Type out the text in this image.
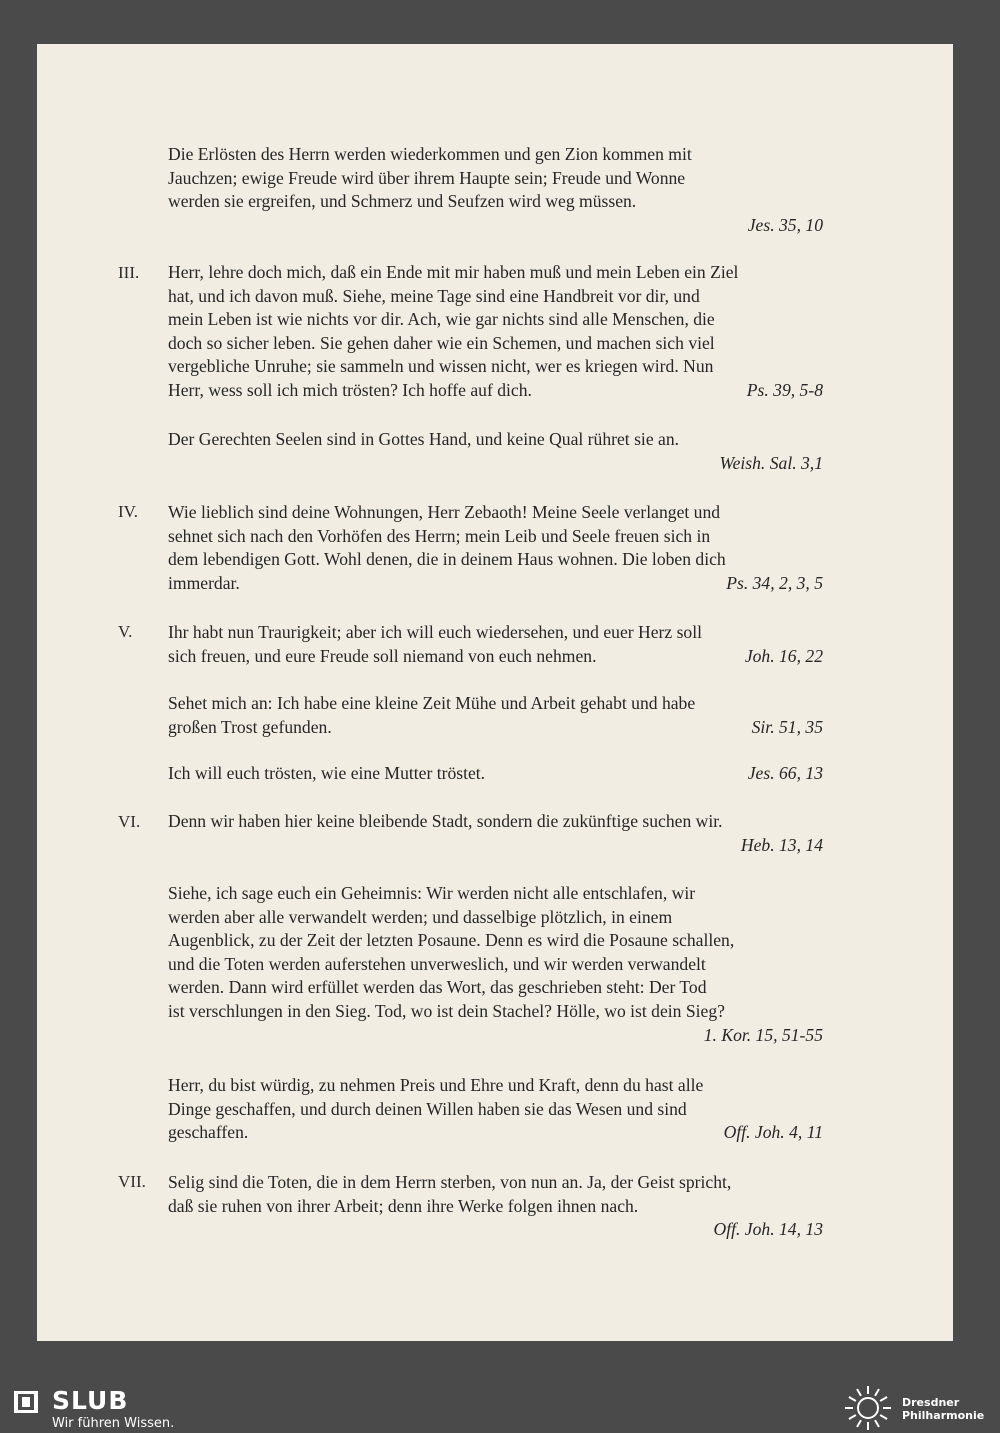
Die Erlösten des Herrn werden wiederkommen und gen Zion kommen mit
Jauchzen; ewige Freude wird über ihrem Haupte sein; Freude und Wonne
werden sie ergreifen, und Schmerz und Seufzen wird weg müssen.

Jes. 35, 10
III. Herr, lehre doch mich, daß ein Ende mit mir haben muß und mein Leben ein Ziel
hat, und ich davon muß. Siehe, meine Tage sind eine Handbreit vor dir, und
mein Leben ist wie nichts vor dir. Ach, wie gar nichts sind alle Menschen, die
doch so sicher leben. Sie gehen daher wie ein Schemen, und machen sich viel
vergebliche Unruhe; sie sammeln und wissen nicht, wer es kriegen wird. Nun
Herr, wess soll ich mich trösten? Ich hoffe auf dich.	Ps. 39, 5-8

Der Gerechten Seelen sind in Gottes Hand, und keine Qual rühret sie an.

Weish. Sal. 3,1
IV. Wie lieblich sind deine Wohnungen, Herr Zebaoth! Meine Seele verlanget und
sehnet sich nach den Vorhöfen des Herrn; mein Leib und Seele freuen sich in
dem lebendigen Gott. Wohl denen, die in deinem Haus wohnen. Die loben dich
immerdar.	Ps. 34, 2, 3, 5

V. Ihr habt nun Traurigkeit; aber ich will euch wiedersehen, und euer Herz soll
sich freuen, und eure Freude soll niemand von euch nehmen.	Joh. 16, 22

Sehet mich an: Ich habe eine kleine Zeit Mühe und Arbeit gehabt und habe
großen Trost gefunden.	Sir. 51, 35

Ich will euch trösten, wie eine Mutter tröstet.	Jes. 66, 13

VI. Denn wir haben hier keine bleibende Stadt, sondern die zukünftige suchen wir.

Heb. 13, 14

Siehe, ich sage euch ein Geheimnis: Wir werden nicht alle entschlafen, wir
werden aber alle verwandelt werden; und dasselbige plötzlich, in einem
Augenblick, zu der Zeit der letzten Posaune. Denn es wird die Posaune schallen,
und die Toten werden auferstehen unverweslich, und wir werden verwandelt
werden. Dann wird erfüllet werden das Wort, das geschrieben steht: Der Tod
ist verschlungen in den Sieg. Tod, wo ist dein Stachel? Hölle, wo ist dein Sieg?

1. Kor. 15, 51-55

Herr, du bist würdig, zu nehmen Preis und Ehre und Kraft, denn du hast alle
Dinge geschaffen, und durch deinen Willen haben sie das Wesen und sind
geschaffen.	Off. Joh. 4, 11

VII. Selig sind die Toten, die in dem Herrn sterben, von nun an. Ja, der Geist spricht,
daß sie ruhen von ihrer Arbeit; denn ihre Werke folgen ihnen nach.

Off. Joh. 14, 13
SLUB
Wir führen Wissen.
Dresdner
Philharmonie
